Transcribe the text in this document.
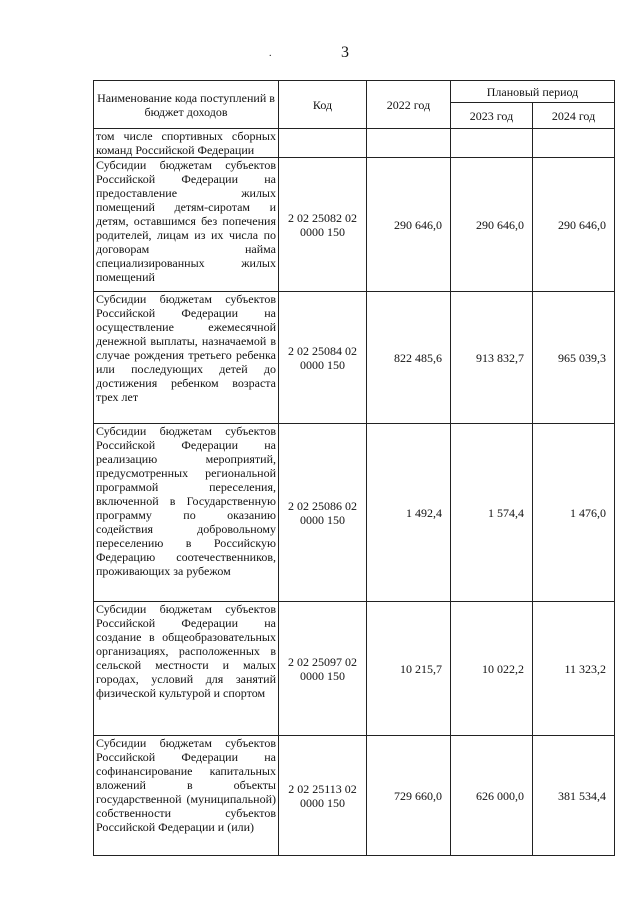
3
.
Наименование кода поступлений в бюджет доходов	Код	2022 год	Плановый период	
			2023 год	2024 год
том числе спортивных сборных команд Российской Федерации				
Субсидии бюджетам субъектов Российской Федерации на предоставление жилых помещений детям-сиротам и детям, оставшимся без попечения родителей, лицам из их числа по договорам найма специализированных жилых помещений	2 02 25082 02 0000 150	290 646,0	290 646,0	290 646,0
Субсидии бюджетам субъектов Российской Федерации на осуществление ежемесячной денежной выплаты, назначаемой в случае рождения третьего ребенка или последующих детей до достижения ребенком возраста трех лет	2 02 25084 02 0000 150	822 485,6	913 832,7	965 039,3
Субсидии бюджетам субъектов Российской Федерации на реализацию мероприятий, предусмотренных региональной программой переселения, включенной в Государственную программу по оказанию содействия добровольному переселению в Российскую Федерацию соотечественников, проживающих за рубежом	2 02 25086 02 0000 150	1 492,4	1 574,4	1 476,0
Субсидии бюджетам субъектов Российской Федерации на создание в общеобразовательных организациях, расположенных в сельской местности и малых городах, условий для занятий физической культурой и спортом	2 02 25097 02 0000 150	10 215,7	10 022,2	11 323,2
Субсидии бюджетам субъектов Российской Федерации на софинансирование капитальных вложений в объекты государственной (муниципальной) собственности субъектов Российской Федерации и (или)	2 02 25113 02 0000 150	729 660,0	626 000,0	381 534,4
